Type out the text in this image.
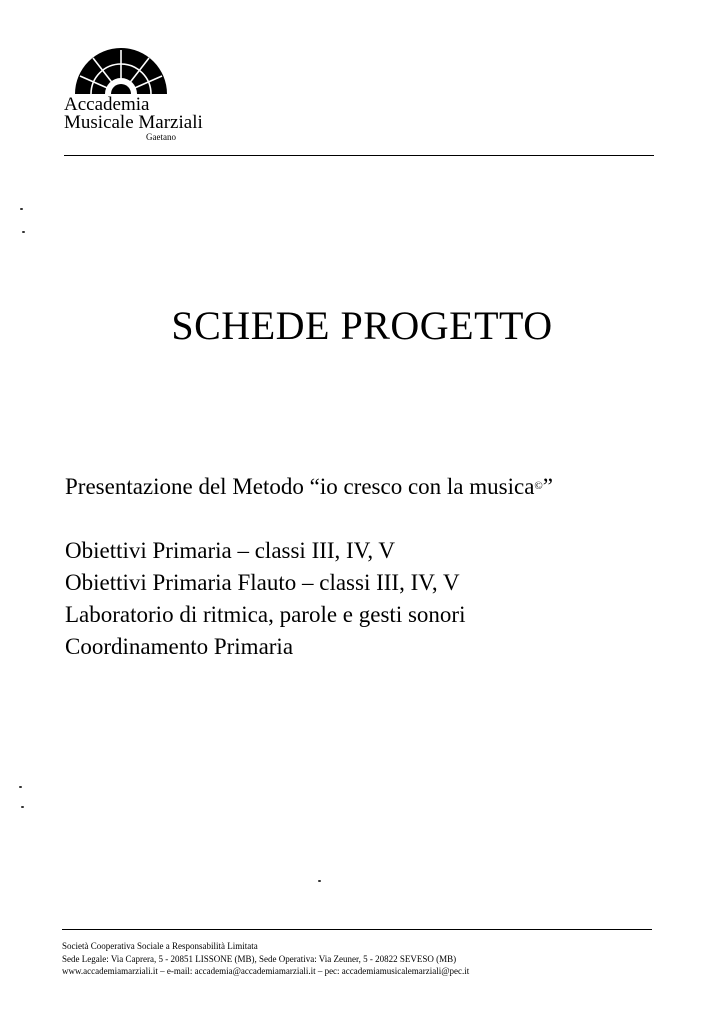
Accademia
Musicale Marziali
Gaetano
SCHEDE PROGETTO
Presentazione del Metodo “io cresco con la musica©”
Obiettivi Primaria – classi III, IV, V
Obiettivi Primaria Flauto – classi III, IV, V
Laboratorio di ritmica, parole e gesti sonori
Coordinamento Primaria
Società Cooperativa Sociale a Responsabilità Limitata
Sede Legale: Via Caprera, 5 - 20851 LISSONE (MB), Sede Operativa: Via Zeuner, 5 - 20822 SEVESO (MB)
www.accademiamarziali.it – e-mail: accademia@accademiamarziali.it – pec: accademiamusicalemarziali@pec.it
